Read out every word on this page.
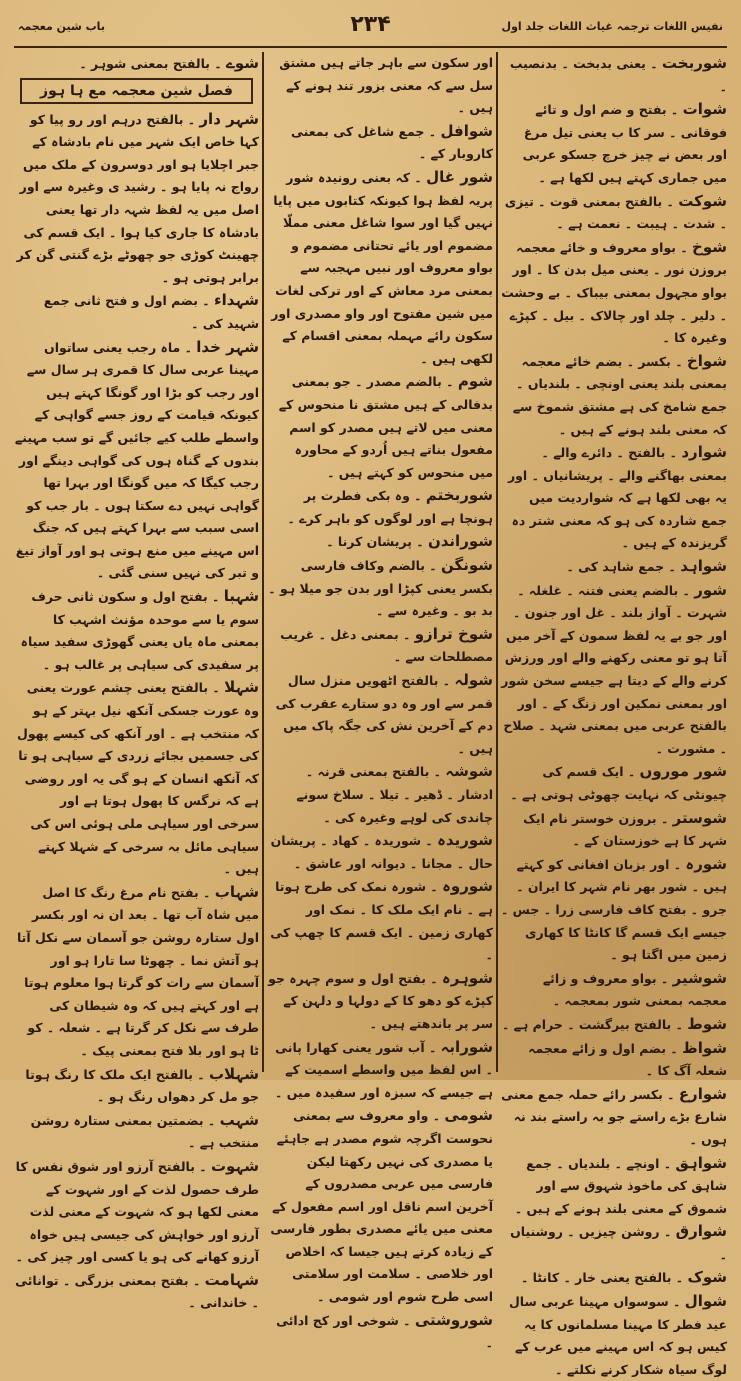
نفیس اللغات ترجمہ غیاث اللغات جلد اول
۲۳۴
باب شین معجمہ

شوربخت ۔ یعنی بدبخت ۔ بدنصیب ۔

شوات ۔ بفتح و ضم اول و تائے فوقانی ۔ سر کا ب یعنی تیل مرغ اور بعض نے چیز خرچ جسکو عربی میں جماری کہتے ہیں لکھا ہے ۔

شوکت ۔ بالفتح بمعنی قوت ۔ تیزی ۔ شدت ۔ ہیبت ۔ نعمت ہے ۔

شوخ ۔ بواو معروف و خائے معجمہ بروزن نور ۔ یعنی میل بدن کا ۔ اور بواو مجہول بمعنی بیباک ۔ بے وحشت ۔ دلیر ۔ چلد اور چالاک ۔ بیل ۔ کپڑے وغیرہ کا ۔

شواخ ۔ بکسر ۔ بضم خائے معجمہ بمعنی بلند یعنی اونچی ۔ بلندیاں ۔ جمع شامخ کی ہے مشتق شموخ سے کہ معنی بلند ہونے کے ہیں ۔

شوارد ۔ بالفتح ۔ دائرے والے ۔ بمعنی بھاگنے والے ۔ پریشانیاں ۔ اور یہ بھی لکھا ہے کہ شواردیت میں جمع شاردہ کی ہو کہ معنی شتر دہ گریزندہ کے ہیں ۔

شواہد ۔ جمع شاہد کی ۔

شور ۔ بالضم یعنی فتنہ ۔ غلغلہ ۔ شہرت ۔ آواز بلند ۔ غل اور جنون ۔ اور جو بے یہ لفظ سمون کے آخر میں آتا ہو تو معنی رکھنے والے اور ورزش کرنے والے کے دیتا ہے جیسے سخن شور اور بمعنی نمکین اور زنگ کے ۔ اور بالفتح عربی میں بمعنی شہد ۔ صلاح ۔ مشورت ۔

شور موروں ۔ ایک قسم کی چیونٹی کہ نہایت چھوٹی ہوتی ہے ۔

شوستر ۔ بروزن خوستر نام ایک شہر کا ہے خوزستان کے ۔

شورہ ۔ اور بزبان افغانی کو کہتے ہیں ۔ شور بھر نام شہر کا ایران ۔ جرو ۔ بفتح کاف فارسی زرا ۔ جس ۔ جیسے ایک قسم گا کانٹا کا کھاری زمین میں اگتا ہو ۔

شوشیر ۔ بواو معروف و زائے معجمہ بمعنی شور بمعجمہ ۔

شوط ۔ بالفتح بیرگشت ۔ حرام ہے ۔

شواظ ۔ بضم اول و زائے معجمہ شعلہ آگ کا ۔

شوارع ۔ بکسر رائے حملہ جمع معنی شارع بڑے راستے جو بہ راستے بند نہ ہوں ۔

شواہق ۔ اونچے ۔ بلندیاں ۔ جمع شاہق کی ماخوذ شہوق سے اور شموق کے معنی بلند ہونے کے ہیں ۔

شوارق ۔ روشن چیزیں ۔ روشنیاں ۔

شوک ۔ بالفتح یعنی خار ۔ کانٹا ۔

شوال ۔ سوسواں مہینا عربی سال عید فطر کا مہینا مسلمانوں کا یہ کیس ہو کہ اس مہینے میں عرب کے لوگ سیاہ شکار کرنے نکلتے ۔

اور سکون سے باہر جاتے ہیں مشتق سل سے کہ معنی بزور تند ہونے کے ہیں ۔

شوافل ۔ جمع شاغل کی بمعنی کاروبار کے ۔

شور غال ۔ کہ بعنی رونیدہ شور پریہ لفظ ہوا کیونکہ کتابوں میں پایا نہیں گیا اور سوا شاغل معنی مملّا مضموم اور یائے تحتانی مضموم و بواو معروف اور نبیں مہجبہ سے بمعنی مرد معاش کے اور ترکی لغات میں شین مفتوح اور واو مصدری اور سکون رائے مہملہ بمعنی اقسام کے لکھی ہیں ۔

شوم ۔ بالضم مصدر ۔ جو بمعنی بدفالی کے ہیں مشتق نا منحوس کے معنی میں لاتے ہیں مصدر کو اسم مفعول بناتے ہیں اُردو کے محاورہ میں منحوس کو کہتے ہیں ۔

شوربختم ۔ وہ بکی فطرت پر ہونچا ہے اور لوگوں کو باہر کرے ۔

شوراندن ۔ پریشان کرنا ۔

شونگن ۔ بالضم وکاف فارسی بکسر یعنی کپڑا اور بدن جو میلا ہو ۔ بد بو ۔ وغیرہ سے ۔

شوخ ترازو ۔ بمعنی دغل ۔ غریب مصطلحات سے ۔

شولہ ۔ بالفتح اٹھویں منزل سال قمر سے اور وہ دو ستارے عقرب کی دم کے آخرین نش کی جگہ پاک میں ہیں ۔

شوشہ ۔ بالفتح بمعنی قرنہ ۔ ادشار ۔ ڈھیر ۔ تیلا ۔ سلاخ سونے چاندی کی لوہے وغیرہ کی ۔

شوریدہ ۔ شوریدہ ۔ کھاد ۔ پریشان حال ۔ مجانا ۔ دیوانہ اور عاشق ۔

شوروہ ۔ شورہ نمک کی طرح ہوتا ہے ۔ نام ایک ملک کا ۔ نمک اور کھاری زمین ۔ ایک قسم کا چھپ کی ۔

شوہرہ ۔ بفتح اول و سوم چہرہ جو کپڑے کو دھو کا کے دولہا و دلہن کے سر پر باندھتے ہیں ۔

شورابہ ۔ آب شور یعنی کھارا پانی ۔ اس لفظ میں واسطے اسمیت کے ہے جیسے کہ سبزہ اور سفیدہ میں ۔

شومی ۔ واو معروف سے بمعنی نحوست اگرچہ شوم مصدر ہے جاہئے یا مصدری کی نہیں رکھتا لیکن فارسی میں عربی مصدروں کے آخرین اسم ناقل اور اسم مفعول کے معنی میں یائے مصدری بطور فارسی کے زیادہ کرتے ہیں جیسا کہ اخلاص اور خلاصی ۔ سلامت اور سلامتی اسی طرح شوم اور شومی ۔

شوروشتی ۔ شوخی اور کج ادائی ۔

شوے ۔ بالفتح بمعنی شوہر ۔

فصل شین معجمہ مع ہا ہوز

شہر دار ۔ بالفتح درہم اور رو پیا کو کہا خاص ایک شہر میں نام بادشاہ کے جبر اچلایا ہو اور دوسرون کے ملک میں رواج نہ پایا ہو ۔ رشید ی وغیرہ سے اور اصل میں یہ لفظ شہہ دار تھا یعنی بادشاہ کا جاری کیا ہوا ۔ ایک قسم کی چھینٹ کوڑی جو چھوٹے بڑے گنتی گن کر برابر ہوتی ہو ۔

شہداء ۔ بضم اول و فتح ثانی جمع شہید کی ۔

شہر خدا ۔ ماہ رجب یعنی ساتواں مہینا عربی سال کا قمری ہر سال سے اور رجب کو بڑا اور گونگا کہتے ہیں کیونکہ قیامت کے روز جسے گواہی کے واسطے طلب کیے جائیں گے تو سب مہینے بندوں کے گناہ ہوں کی گواہی دینگے اور رجب کیگا کہ میں گونگا اور بہرا تھا گواہی نہیں دے سکتا ہوں ۔ بار جب کو اسی سبب سے بہرا کہتے ہیں کہ جنگ اس مہینے میں منع ہوتی ہو اور آواز تیغ و تبر کی نہیں سنی گئی ۔

شہبا ۔ بفتح اول و سکون ثانی حرف سوم یا سے موحدہ مؤنث اشہب کا بمعنی ماہ یاں یعنی گھوڑی سفید سیاہ پر سفیدی کی سیاہی پر غالب ہو ۔

شہلا ۔ بالفتح یعنی چشم عورت یعنی وہ عورت جسکی آنکھ نیل بہتر کے ہو کہ منتخب ہے ۔ اور آنکھ کی کیسے پھول کی جسمیں بجائے زردی کے سیاہی ہو تا کہ آنکھ انسان کے ہو گی یہ اور روضی ہے کہ نرگس کا پھول ہوتا ہے اور سرخی اور سیاہی ملی ہوئی اس کی سیاہی مائل بہ سرخی کے شہلا کہتے ہیں ۔

شہاب ۔ بفتح نام مرغ رنگ کا اصل میں شاہ آب تھا ۔ بعد ان نہ اور بکسر اول ستارہ روشن جو آسمان سے نکل آتا ہو آتش نما ۔ چھوٹا سا تارا ہو اور آسمان سے رات کو گرتا ہوا معلوم ہوتا ہے اور کہتے ہیں کہ وہ شیطان کی طرف سے نکل کر گرتا ہے ۔ شعلہ ۔ کو ٹا ہو اور بلا فتح بمعنی پیک ۔

شہلاب ۔ بالفتح ایک ملک کا رنگ ہوتا جو مل کر دھواں رنگ ہو ۔

شہب ۔ بضمتین بمعنی ستارہ روشن منتخب ہے ۔

شہوت ۔ بالفتح آرزو اور شوق نفس کا طرف حصول لذت کے اور شہوت کے معنی لکھا ہو کہ شہوت کے معنی لذت آرزو اور خواہش کی جیسی ہیں خواہ آرزو کھانے کی ہو یا کسی اور چیز کی ۔

شہامت ۔ بفتح بمعنی بزرگی ۔ توانائی ۔ خاندانی ۔
